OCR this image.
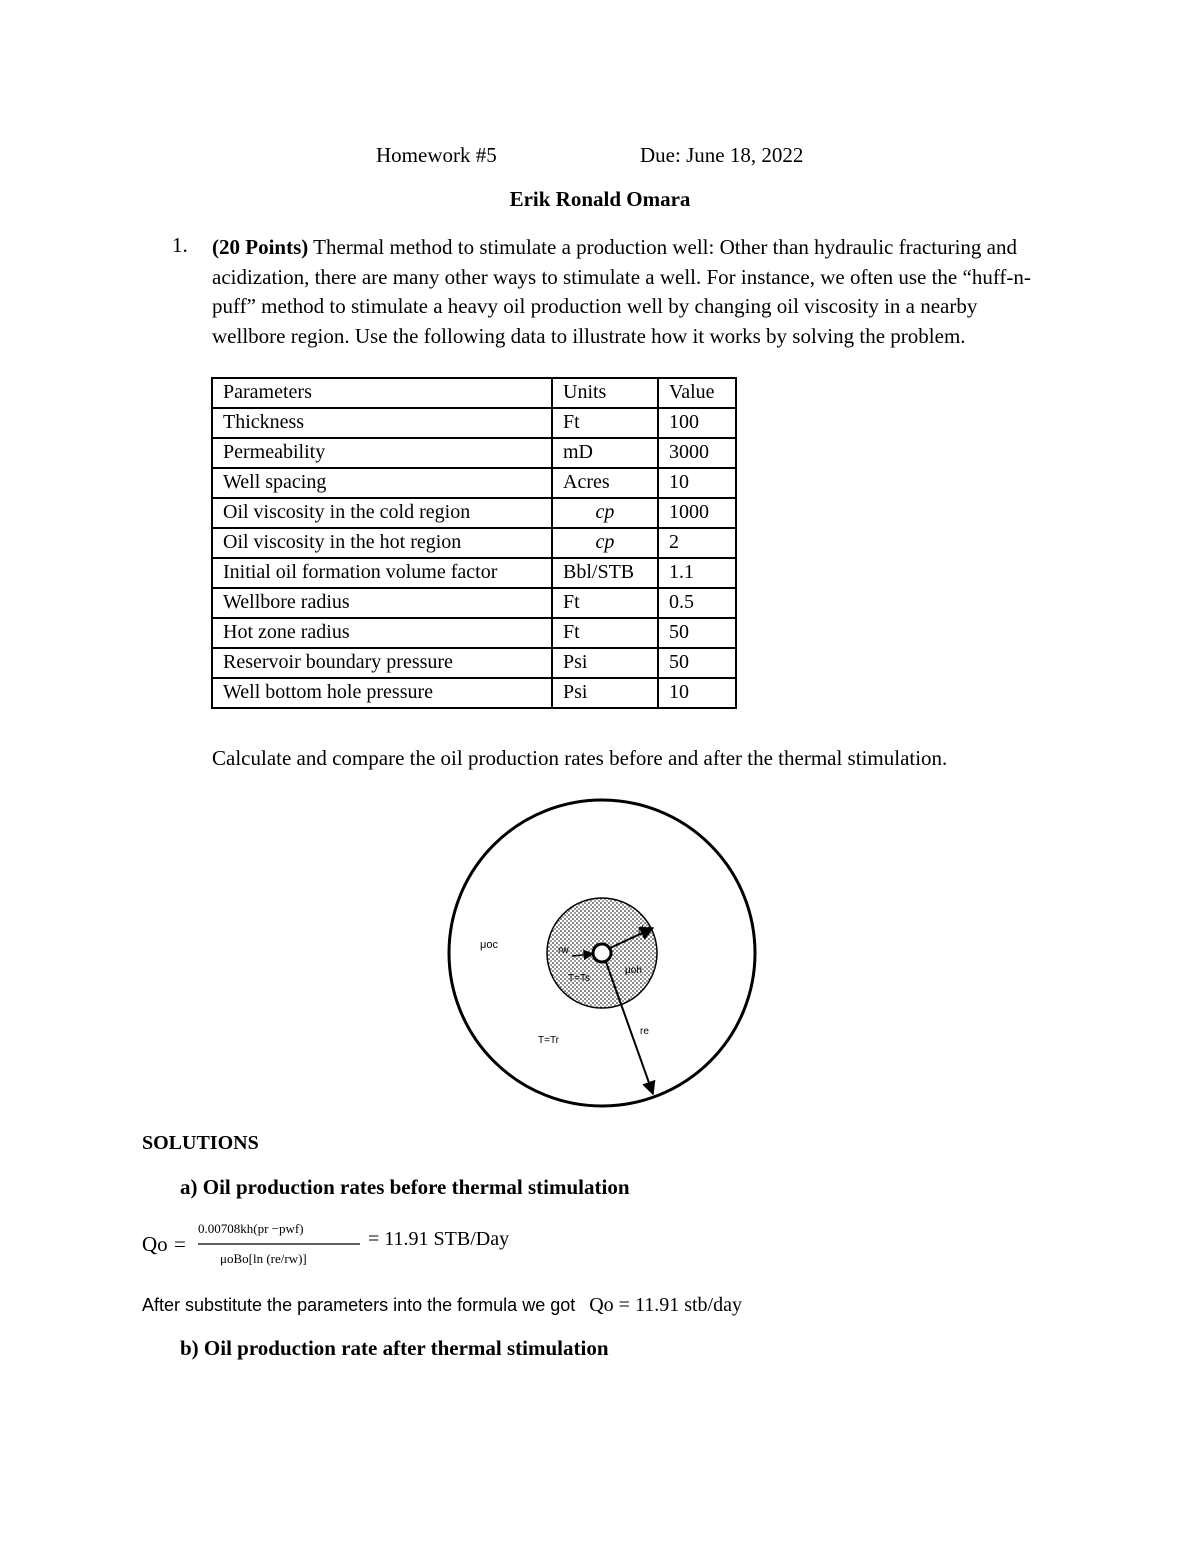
Homework #5	Due: June 18, 2022
Erik Ronald Omara
1. (20 Points) Thermal method to stimulate a production well: Other than hydraulic fracturing and acidization, there are many other ways to stimulate a well. For instance, we often use the “huff-n-puff” method to stimulate a heavy oil production well by changing oil viscosity in a nearby wellbore region. Use the following data to illustrate how it works by solving the problem.
Parameters	Units	Value
Thickness	Ft	100
Permeability	mD	3000
Well spacing	Acres	10
Oil viscosity in the cold region	cp	1000
Oil viscosity in the hot region	cp	2
Initial oil formation volume factor	Bbl/STB	1.1
Wellbore radius	Ft	0.5
Hot zone radius	Ft	50
Reservoir boundary pressure	Psi	50
Well bottom hole pressure	Psi	10
Calculate and compare the oil production rates before and after the thermal stimulation.
μoc
rh
rw
μoh
T=Ts
re
T=Tr
SOLUTIONS
a) Oil production rates before thermal stimulation
Qo =
0.00708kh(pr −pwf)
μoBo[ln (re/rw)]
= 11.91 STB/Day
After substitute the parameters into the formula we got Qo = 11.91 stb/day
b) Oil production rate after thermal stimulation
